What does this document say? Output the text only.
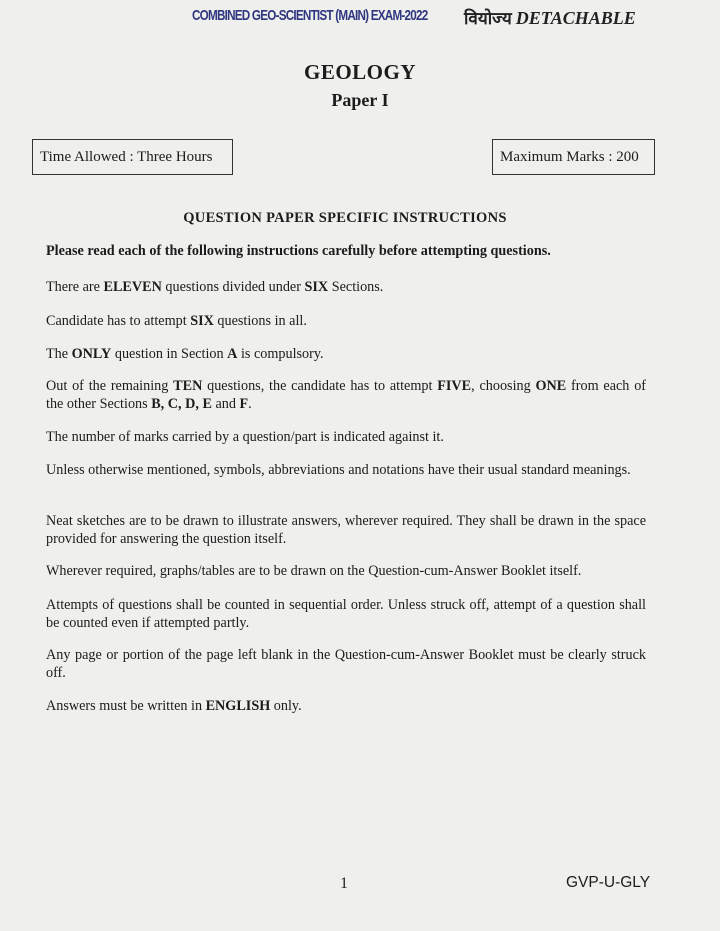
COMBINED GEO-SCIENTIST (MAIN) EXAM-2022 वियोज्य DETACHABLE
GEOLOGY
Paper I
Time Allowed : Three Hours	Maximum Marks : 200
QUESTION PAPER SPECIFIC INSTRUCTIONS
Please read each of the following instructions carefully before attempting questions.
There are ELEVEN questions divided under SIX Sections.
Candidate has to attempt SIX questions in all.
The ONLY question in Section A is compulsory.
Out of the remaining TEN questions, the candidate has to attempt FIVE, choosing ONE from each of the other Sections B, C, D, E and F.
The number of marks carried by a question/part is indicated against it.
Unless otherwise mentioned, symbols, abbreviations and notations have their usual standard meanings.
Neat sketches are to be drawn to illustrate answers, wherever required. They shall be drawn in the space provided for answering the question itself.
Wherever required, graphs/tables are to be drawn on the Question-cum-Answer Booklet itself.
Attempts of questions shall be counted in sequential order. Unless struck off, attempt of a question shall be counted even if attempted partly.
Any page or portion of the page left blank in the Question-cum-Answer Booklet must be clearly struck off.
Answers must be written in ENGLISH only.
1	GVP-U-GLY
